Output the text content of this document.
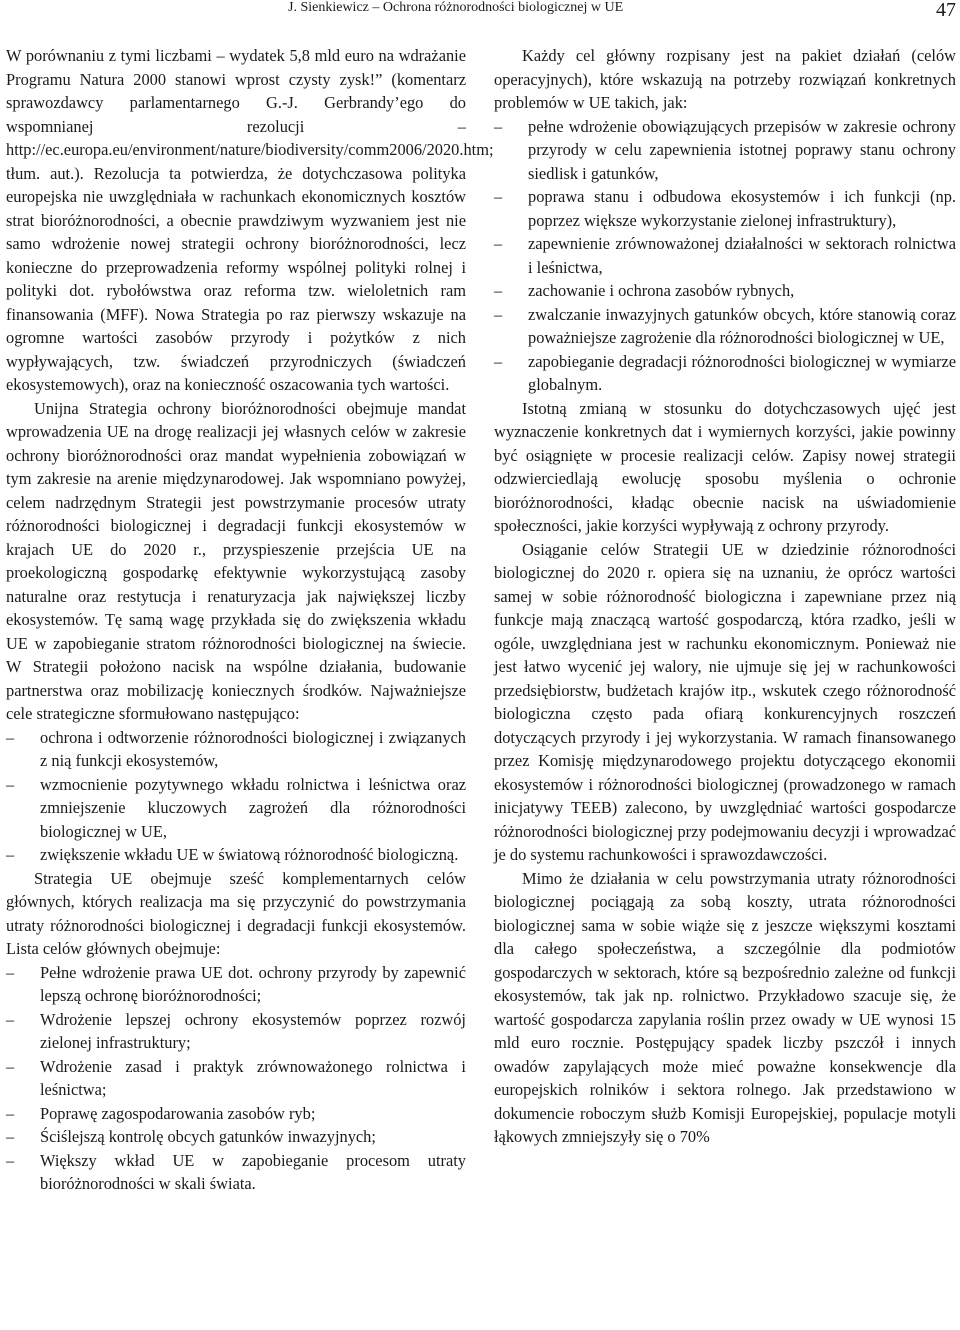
J. Sienkiewicz – Ochrona różnorodności biologicznej w UE	47

W porównaniu z tymi liczbami – wydatek 5,8 mld euro na wdrażanie Programu Natura 2000 stanowi wprost czysty zysk!” (komentarz sprawozdawcy parlamentarnego G.-J. Gerbrandy’ego do wspomnianej rezolucji – http://ec.europa.eu/environment/nature/biodiversity/comm2006/2020.htm; tłum. aut.). Rezolucja ta potwierdza, że dotychczasowa polityka europejska nie uwzględniała w rachunkach ekonomicznych kosztów strat bioróżnorodności, a obecnie prawdziwym wyzwaniem jest nie samo wdrożenie nowej strategii ochrony bioróżnorodności, lecz konieczne do przeprowadzenia reformy wspólnej polityki rolnej i polityki dot. rybołówstwa oraz reforma tzw. wieloletnich ram finansowania (MFF). Nowa Strategia po raz pierwszy wskazuje na ogromne wartości zasobów przyrody i pożytków z nich wypływających, tzw. świadczeń przyrodniczych (świadczeń ekosystemowych), oraz na konieczność oszacowania tych wartości.

Unijna Strategia ochrony bioróżnorodności obejmuje mandat wprowadzenia UE na drogę realizacji jej własnych celów w zakresie ochrony bioróżnorodności oraz mandat wypełnienia zobowiązań w tym zakresie na arenie międzynarodowej. Jak wspomniano powyżej, celem nadrzędnym Strategii jest powstrzymanie procesów utraty różnorodności biologicznej i degradacji funkcji ekosystemów w krajach UE do 2020 r., przyspieszenie przejścia UE na proekologiczną gospodarkę efektywnie wykorzystującą zasoby naturalne oraz restytucja i renaturyzacja jak największej liczby ekosystemów. Tę samą wagę przykłada się do zwiększenia wkładu UE w zapobieganie stratom różnorodności biologicznej na świecie. W Strategii położono nacisk na wspólne działania, budowanie partnerstwa oraz mobilizację koniecznych środków. Najważniejsze cele strategiczne sformułowano następująco:

– ochrona i odtworzenie różnorodności biologicznej i związanych z nią funkcji ekosystemów,
– wzmocnienie pozytywnego wkładu rolnictwa i leśnictwa oraz zmniejszenie kluczowych zagrożeń dla różnorodności biologicznej w UE,
– zwiększenie wkładu UE w światową różnorodność biologiczną.

Strategia UE obejmuje sześć komplementarnych celów głównych, których realizacja ma się przyczynić do powstrzymania utraty różnorodności biologicznej i degradacji funkcji ekosystemów. Lista celów głównych obejmuje:

– Pełne wdrożenie prawa UE dot. ochrony przyrody by zapewnić lepszą ochronę bioróżnorodności;
– Wdrożenie lepszej ochrony ekosystemów poprzez rozwój zielonej infrastruktury;
– Wdrożenie zasad i praktyk zrównoważonego rolnictwa i leśnictwa;
– Poprawę zagospodarowania zasobów ryb;
– Ściślejszą kontrolę obcych gatunków inwazyjnych;
– Większy wkład UE w zapobieganie procesom utraty bioróżnorodności w skali świata.

Każdy cel główny rozpisany jest na pakiet działań (celów operacyjnych), które wskazują na potrzeby rozwiązań konkretnych problemów w UE takich, jak:

– pełne wdrożenie obowiązujących przepisów w zakresie ochrony przyrody w celu zapewnienia istotnej poprawy stanu ochrony siedlisk i gatunków,
– poprawa stanu i odbudowa ekosystemów i ich funkcji (np. poprzez większe wykorzystanie zielonej infrastruktury),
– zapewnienie zrównoważonej działalności w sektorach rolnictwa i leśnictwa,
– zachowanie i ochrona zasobów rybnych,
– zwalczanie inwazyjnych gatunków obcych, które stanowią coraz poważniejsze zagrożenie dla różnorodności biologicznej w UE,
– zapobieganie degradacji różnorodności biologicznej w wymiarze globalnym.

Istotną zmianą w stosunku do dotychczasowych ujęć jest wyznaczenie konkretnych dat i wymiernych korzyści, jakie powinny być osiągnięte w procesie realizacji celów. Zapisy nowej strategii odzwierciedlają ewolucję sposobu myślenia o ochronie bioróżnorodności, kładąc obecnie nacisk na uświadomienie społeczności, jakie korzyści wypływają z ochrony przyrody.

Osiąganie celów Strategii UE w dziedzinie różnorodności biologicznej do 2020 r. opiera się na uznaniu, że oprócz wartości samej w sobie różnorodność biologiczna i zapewniane przez nią funkcje mają znaczącą wartość gospodarczą, która rzadko, jeśli w ogóle, uwzględniana jest w rachunku ekonomicznym. Ponieważ nie jest łatwo wycenić jej walory, nie ujmuje się jej w rachunkowości przedsiębiorstw, budżetach krajów itp., wskutek czego różnorodność biologiczna często pada ofiarą konkurencyjnych roszczeń dotyczących przyrody i jej wykorzystania. W ramach finansowanego przez Komisję międzynarodowego projektu dotyczącego ekonomii ekosystemów i różnorodności biologicznej (prowadzonego w ramach inicjatywy TEEB) zalecono, by uwzględniać wartości gospodarcze różnorodności biologicznej przy podejmowaniu decyzji i wprowadzać je do systemu rachunkowości i sprawozdawczości.

Mimo że działania w celu powstrzymania utraty różnorodności biologicznej pociągają za sobą koszty, utrata różnorodności biologicznej sama w sobie wiąże się z jeszcze większymi kosztami dla całego społeczeństwa, a szczególnie dla podmiotów gospodarczych w sektorach, które są bezpośrednio zależne od funkcji ekosystemów, tak jak np. rolnictwo. Przykładowo szacuje się, że wartość gospodarcza zapylania roślin przez owady w UE wynosi 15 mld euro rocznie. Postępujący spadek liczby pszczół i innych owadów zapylających może mieć poważne konsekwencje dla europejskich rolników i sektora rolnego. Jak przedstawiono w dokumencie roboczym służb Komisji Europejskiej, populacje motyli łąkowych zmniejszyły się o 70%
